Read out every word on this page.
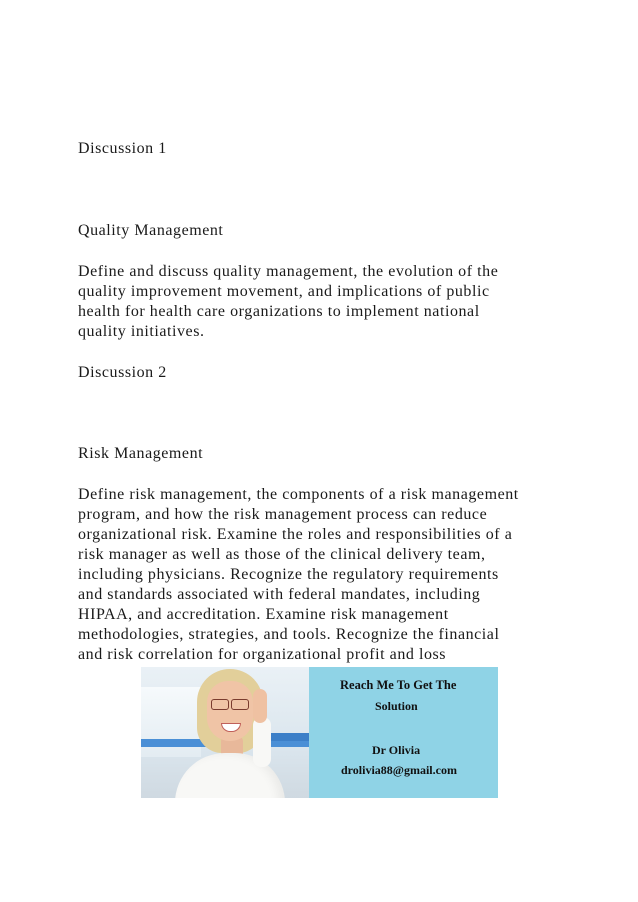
Discussion 1
Quality Management
Define and discuss quality management, the evolution of the
quality improvement movement, and implications of public
health for health care organizations to implement national
quality initiatives.
Discussion 2
Risk Management
Define risk management, the components of a risk management
program, and how the risk management process can reduce
organizational risk. Examine the roles and responsibilities of a
risk manager as well as those of the clinical delivery team,
including physicians. Recognize the regulatory requirements
and standards associated with federal mandates, including
HIPAA, and accreditation. Examine risk management
methodologies, strategies, and tools. Recognize the financial
and risk correlation for organizational profit and loss
Reach Me To Get The
Solution
Dr Olivia
drolivia88@gmail.com
